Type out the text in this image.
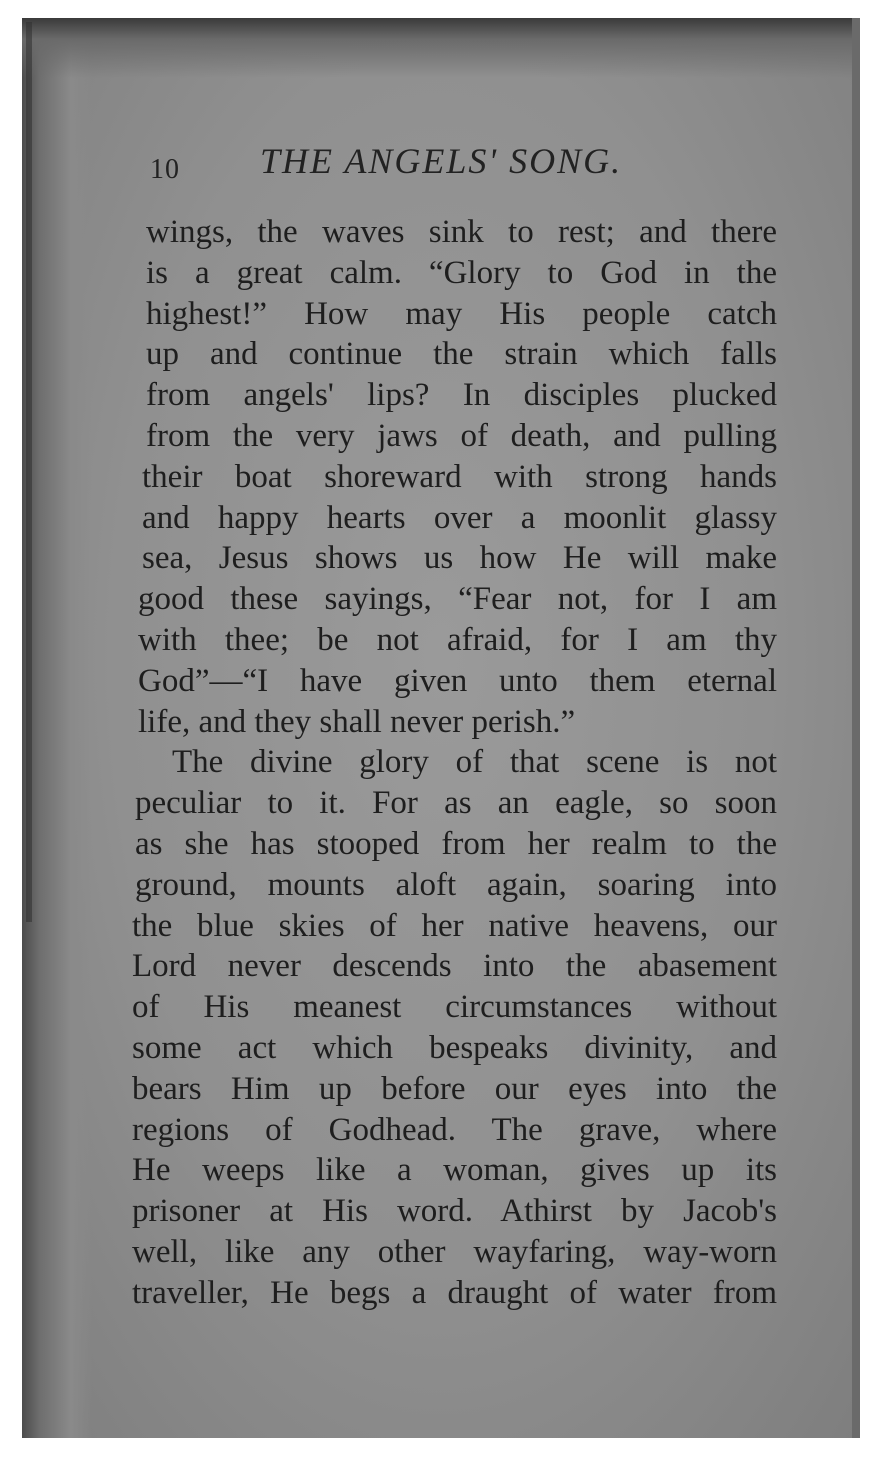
10 THE ANGELS' SONG.
wings, the waves sink to rest; and there
is a great calm. “Glory to God in the
highest!” How may His people catch
up and continue the strain which falls
from angels' lips? In disciples plucked
from the very jaws of death, and pulling
their boat shoreward with strong hands
and happy hearts over a moonlit glassy
sea, Jesus shows us how He will make
good these sayings, “Fear not, for I am
with thee; be not afraid, for I am thy
God”—“I have given unto them eternal
life, and they shall never perish.”
The divine glory of that scene is not
peculiar to it. For as an eagle, so soon
as she has stooped from her realm to the
ground, mounts aloft again, soaring into
the blue skies of her native heavens, our
Lord never descends into the abasement
of His meanest circumstances without
some act which bespeaks divinity, and
bears Him up before our eyes into the
regions of Godhead. The grave, where
He weeps like a woman, gives up its
prisoner at His word. Athirst by Jacob's
well, like any other wayfaring, way-worn
traveller, He begs a draught of water from
